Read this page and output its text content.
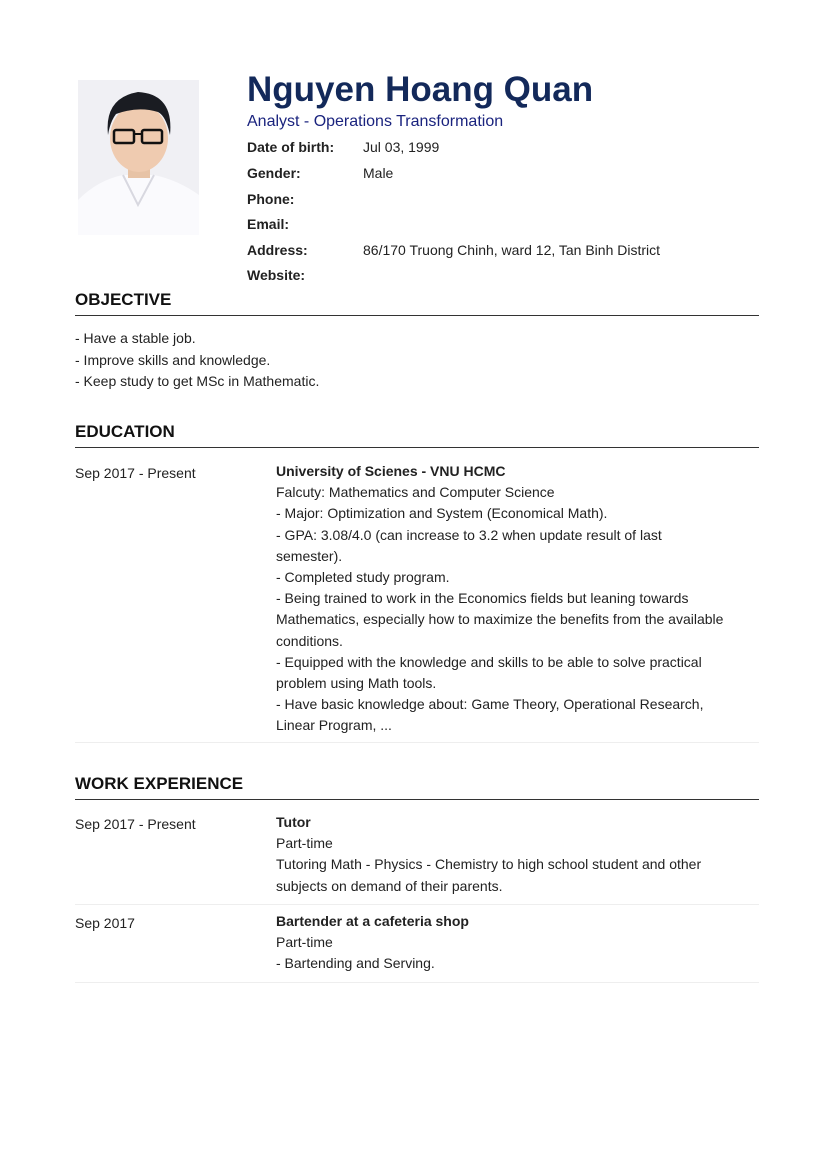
Nguyen Hoang Quan
Analyst - Operations Transformation
Date of birth: Jul 03, 1999
Gender:	Male
Phone:
Email:
Address:	86/170 Truong Chinh, ward 12, Tan Binh District
Website:
OBJECTIVE
- Have a stable job.
- Improve skills and knowledge.
- Keep study to get MSc in Mathematic.
EDUCATION
Sep 2017 - Present	University of Scienes - VNU HCMC
Falcuty: Mathematics and Computer Science
- Major: Optimization and System (Economical Math).
- GPA: 3.08/4.0 (can increase to 3.2 when update result of last semester).
- Completed study program.
- Being trained to work in the Economics fields but leaning towards Mathematics, especially how to maximize the benefits from the available conditions.
- Equipped with the knowledge and skills to be able to solve practical problem using Math tools.
- Have basic knowledge about: Game Theory, Operational Research, Linear Program, ...
WORK EXPERIENCE
Sep 2017 - Present	Tutor
Part-time
Tutoring Math - Physics - Chemistry to high school student and other subjects on demand of their parents.
Sep 2017	Bartender at a cafeteria shop
Part-time
- Bartending and Serving.
